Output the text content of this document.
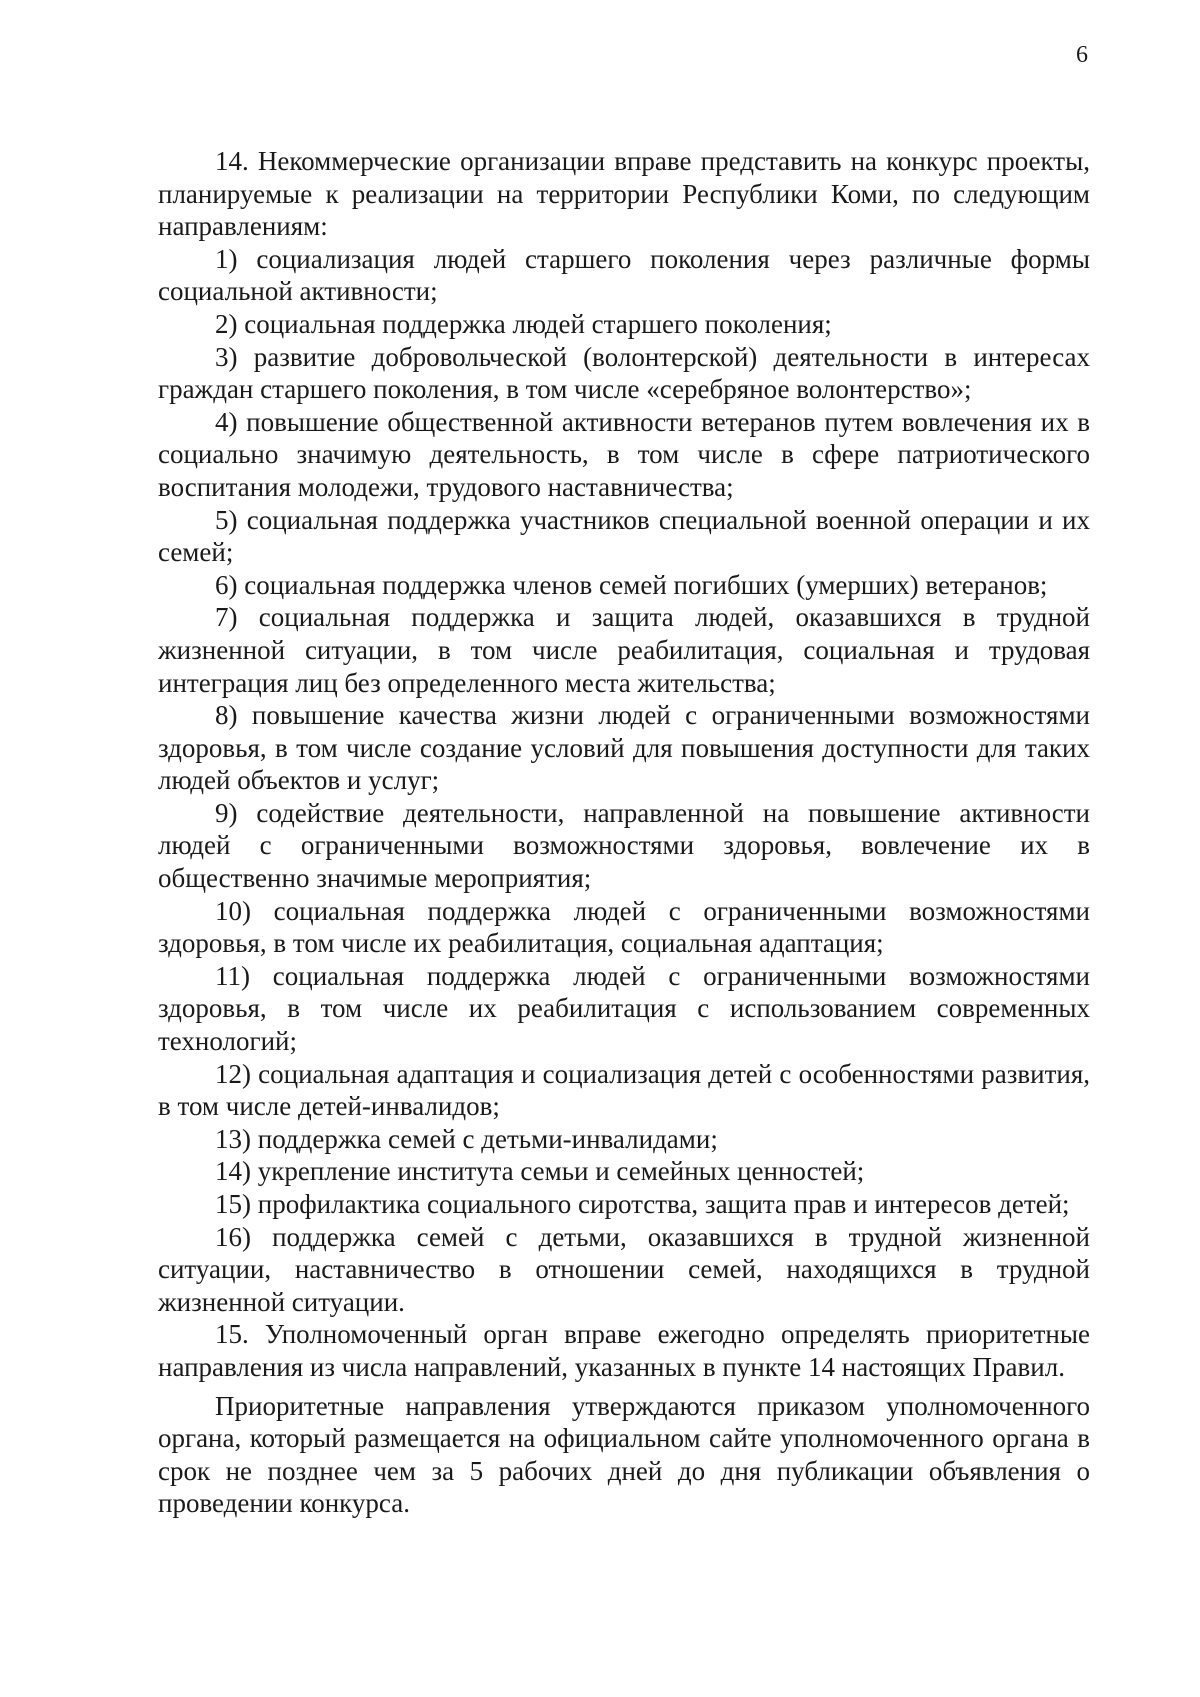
6

14. Некоммерческие организации вправе представить на конкурс проекты, планируемые к реализации на территории Республики Коми, по следующим направлениям:

1) социализация людей старшего поколения через различные формы социальной активности;

2) социальная поддержка людей старшего поколения;

3) развитие добровольческой (волонтерской) деятельности в интересах граждан старшего поколения, в том числе «серебряное волонтерство»;

4) повышение общественной активности ветеранов путем вовлечения их в социально значимую деятельность, в том числе в сфере патриотического воспитания молодежи, трудового наставничества;

5) социальная поддержка участников специальной военной операции и их семей;

6) социальная поддержка членов семей погибших (умерших) ветеранов;

7) социальная поддержка и защита людей, оказавшихся в трудной жизненной ситуации, в том числе реабилитация, социальная и трудовая интеграция лиц без определенного места жительства;

8) повышение качества жизни людей с ограниченными возможностями здоровья, в том числе создание условий для повышения доступности для таких людей объектов и услуг;

9) содействие деятельности, направленной на повышение активности людей с ограниченными возможностями здоровья, вовлечение их в общественно значимые мероприятия;

10) социальная поддержка людей с ограниченными возможностями здоровья, в том числе их реабилитация, социальная адаптация;

11) социальная поддержка людей с ограниченными возможностями здоровья, в том числе их реабилитация с использованием современных технологий;

12) социальная адаптация и социализация детей с особенностями развития, в том числе детей-инвалидов;

13) поддержка семей с детьми-инвалидами;

14) укрепление института семьи и семейных ценностей;

15) профилактика социального сиротства, защита прав и интересов детей;

16) поддержка семей с детьми, оказавшихся в трудной жизненной ситуации, наставничество в отношении семей, находящихся в трудной жизненной ситуации.

15. Уполномоченный орган вправе ежегодно определять приоритетные направления из числа направлений, указанных в пункте 14 настоящих Правил.

Приоритетные направления утверждаются приказом уполномоченного органа, который размещается на официальном сайте уполномоченного органа в срок не позднее чем за 5 рабочих дней до дня публикации объявления о проведении конкурса.
